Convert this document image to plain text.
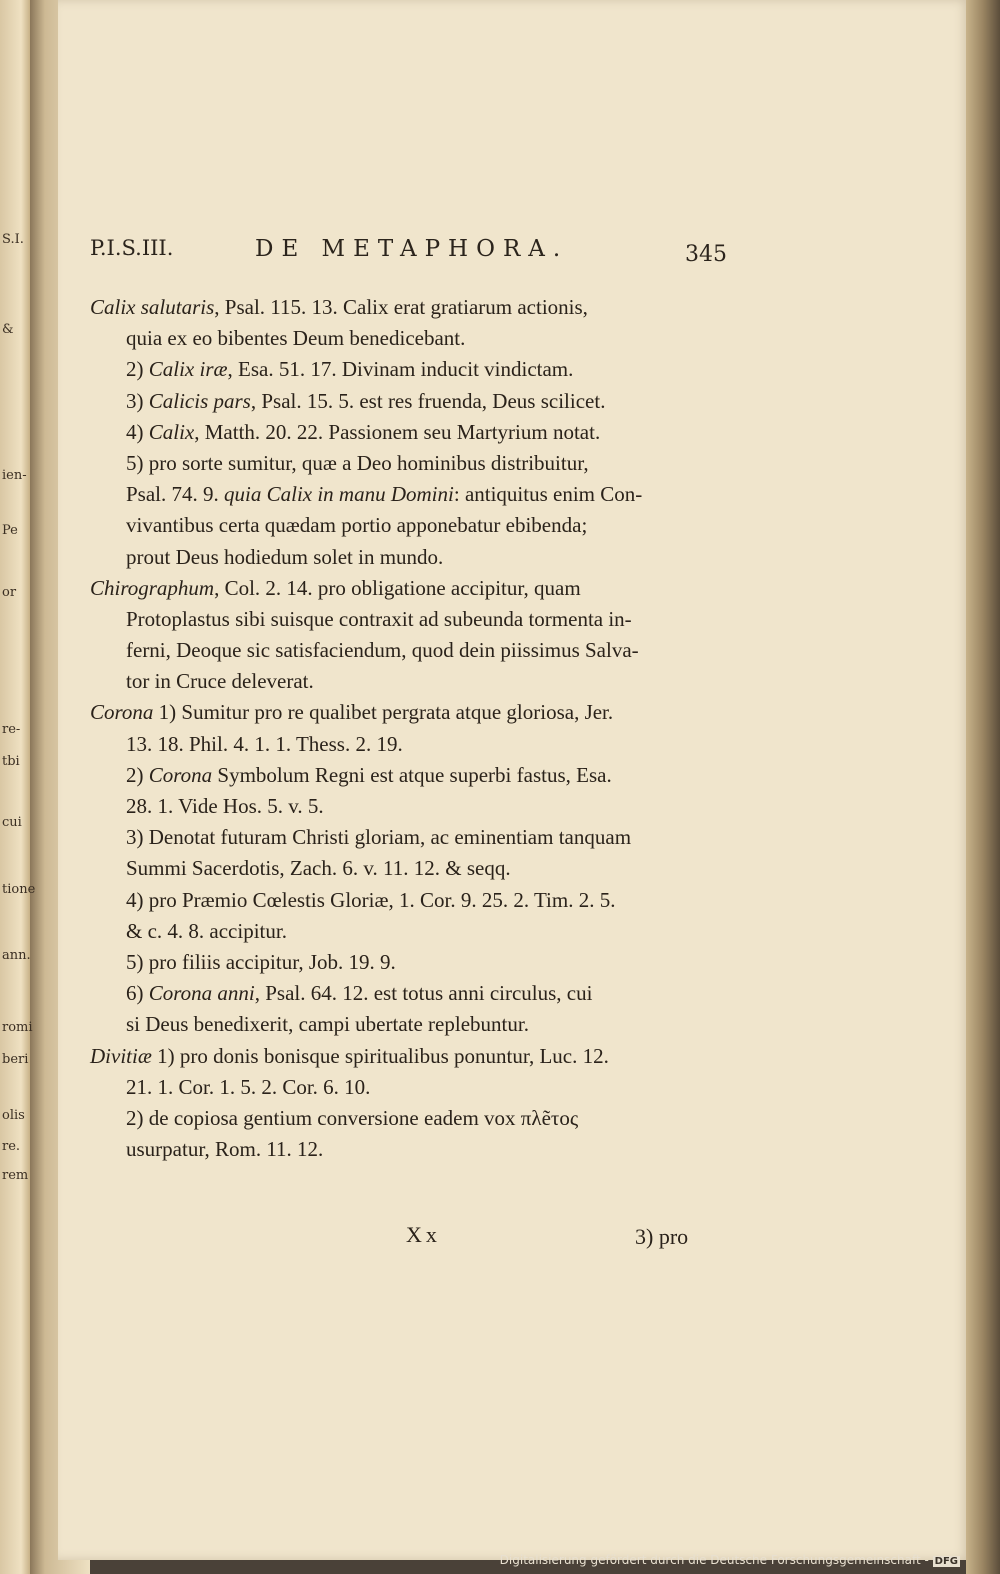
S.I.
&
ien-
Pe
or
re-
tbi
cui
tione
ann.
romi
beri
olis
re.
rem
P.I.S.III.	DE METAPHORA.	345
Calix salutaris, Psal. 115. 13. Calix erat gratiarum actionis,
quia ex eo bibentes Deum benedicebant.
2) Calix iræ, Esa. 51. 17. Divinam inducit vindictam.
3) Calicis pars, Psal. 15. 5. est res fruenda, Deus scilicet.
4) Calix, Matth. 20. 22. Passionem seu Martyrium notat.
5) pro sorte sumitur, quæ a Deo hominibus distribuitur,
Psal. 74. 9. quia Calix in manu Domini: antiquitus enim Con-
vivantibus certa quædam portio apponebatur ebibenda;
prout Deus hodiedum solet in mundo.
Chirographum, Col. 2. 14. pro obligatione accipitur, quam
Protoplastus sibi suisque contraxit ad subeunda tormenta in-
ferni, Deoque sic satisfaciendum, quod dein piissimus Salva-
tor in Cruce deleverat.
Corona 1) Sumitur pro re qualibet pergrata atque gloriosa, Jer.
13. 18. Phil. 4. 1. 1. Thess. 2. 19.
2) Corona Symbolum Regni est atque superbi fastus, Esa.
28. 1. Vide Hos. 5. v. 5.
3) Denotat futuram Christi gloriam, ac eminentiam tanquam
Summi Sacerdotis, Zach. 6. v. 11. 12. & seqq.
4) pro Præmio Cœlestis Gloriæ, 1. Cor. 9. 25. 2. Tim. 2. 5.
& c. 4. 8. accipitur.
5) pro filiis accipitur, Job. 19. 9.
6) Corona anni, Psal. 64. 12. est totus anni circulus, cui
si Deus benedixerit, campi ubertate replebuntur.
Divitiæ 1) pro donis bonisque spiritualibus ponuntur, Luc. 12.
21. 1. Cor. 1. 5. 2. Cor. 6. 10.
2) de copiosa gentium conversione eadem vox πλẽτος
usurpatur, Rom. 11. 12.
Xx	3) pro
Digitalisierung gefördert durch die Deutsche Forschungsgemeinschaft - DFG
